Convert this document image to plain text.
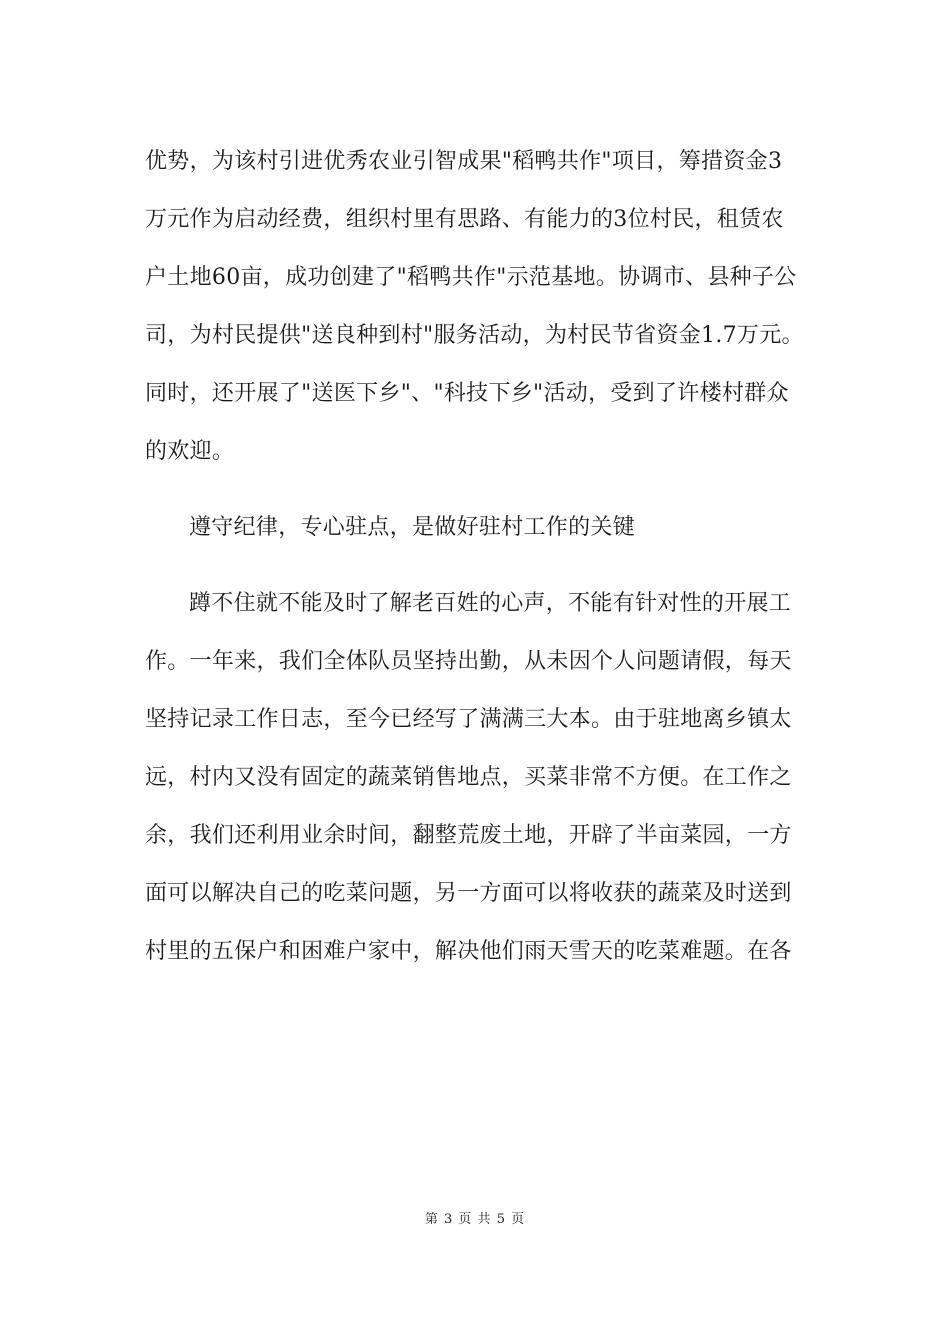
优势，为该村引进优秀农业引智成果"稻鸭共作"项目，筹措资金3
万元作为启动经费，组织村里有思路、有能力的3位村民，租赁农
户土地60亩，成功创建了"稻鸭共作"示范基地。协调市、县种子公
司，为村民提供"送良种到村"服务活动，为村民节省资金1.7万元。
同时，还开展了"送医下乡"、"科技下乡"活动，受到了许楼村群众
的欢迎。
遵守纪律，专心驻点，是做好驻村工作的关键
蹲不住就不能及时了解老百姓的心声，不能有针对性的开展工
作。一年来，我们全体队员坚持出勤，从未因个人问题请假，每天
坚持记录工作日志，至今已经写了满满三大本。由于驻地离乡镇太
远，村内又没有固定的蔬菜销售地点，买菜非常不方便。在工作之
余，我们还利用业余时间，翻整荒废土地，开辟了半亩菜园，一方
面可以解决自己的吃菜问题，另一方面可以将收获的蔬菜及时送到
村里的五保户和困难户家中，解决他们雨天雪天的吃菜难题。在各
第 3 页 共 5 页
